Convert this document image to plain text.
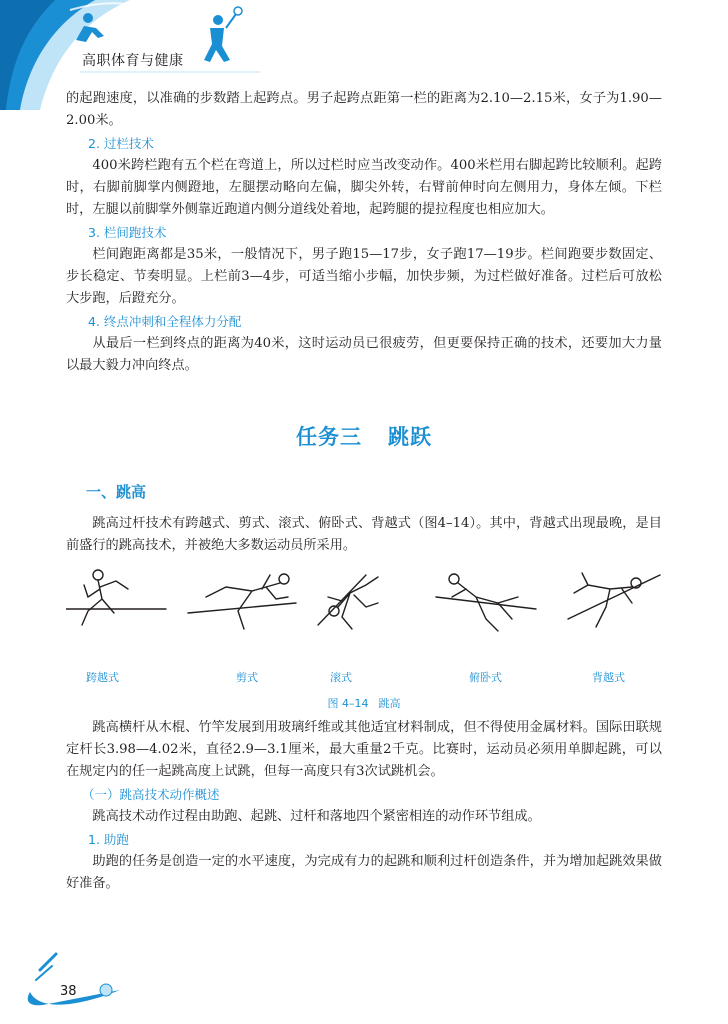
高职体育与健康

的起跑速度，以准确的步数踏上起跨点。男子起跨点距第一栏的距离为2.10—2.15米，女子为1.90—2.00米。

2. 过栏技术

400米跨栏跑有五个栏在弯道上，所以过栏时应当改变动作。400米栏用右脚起跨比较顺利。起跨时，右脚前脚掌内侧蹬地，左腿摆动略向左偏，脚尖外转，右臂前伸时向左侧用力，身体左倾。下栏时，左腿以前脚掌外侧靠近跑道内侧分道线处着地，起跨腿的提拉程度也相应加大。

3. 栏间跑技术

栏间跑距离都是35米，一般情况下，男子跑15—17步，女子跑17—19步。栏间跑要步数固定、步长稳定、节奏明显。上栏前3—4步，可适当缩小步幅，加快步频，为过栏做好准备。过栏后可放松大步跑，后蹬充分。

4. 终点冲刺和全程体力分配

从最后一栏到终点的距离为40米，这时运动员已很疲劳，但更要保持正确的技术，还要加大力量以最大毅力冲向终点。

任务三 跳跃
一、跳高

跳高过杆技术有跨越式、剪式、滚式、俯卧式、背越式（图4–14）。其中，背越式出现最晚，是目前盛行的跳高技术，并被绝大多数运动员所采用。

跨越式	剪式	滚式	俯卧式	背越式
图 4–14 跳高

跳高横杆从木棍、竹竿发展到用玻璃纤维或其他适宜材料制成，但不得使用金属材料。国际田联规定杆长3.98—4.02米，直径2.9—3.1厘米，最大重量2千克。比赛时，运动员必须用单脚起跳，可以在规定内的任一起跳高度上试跳，但每一高度只有3次试跳机会。

（一）跳高技术动作概述

跳高技术动作过程由助跑、起跳、过杆和落地四个紧密相连的动作环节组成。

1. 助跑

助跑的任务是创造一定的水平速度，为完成有力的起跳和顺利过杆创造条件，并为增加起跳效果做好准备。

38
